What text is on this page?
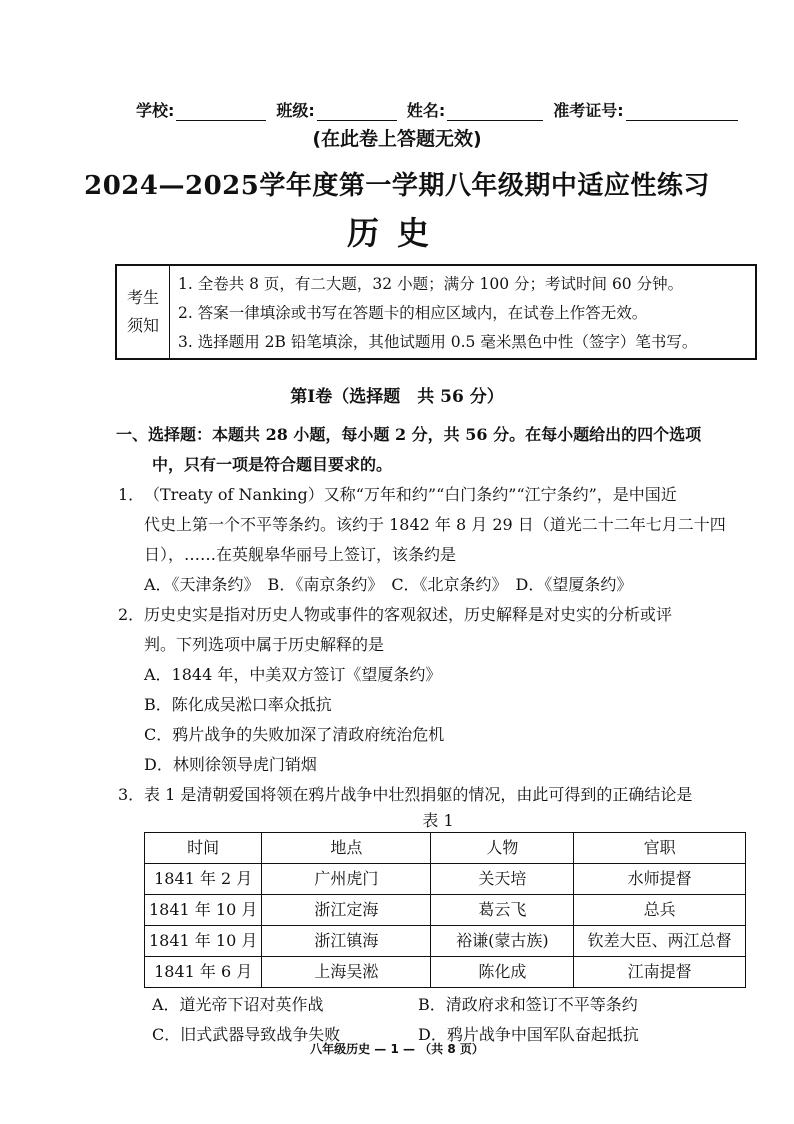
学校:	班级:	姓名:	准考证号:
(在此卷上答题无效)
2024—2025学年度第一学期八年级期中适应性练习
历史
考生
须知
1. 全卷共 8 页，有二大题，32 小题；满分 100 分；考试时间 60 分钟。
2. 答案一律填涂或书写在答题卡的相应区域内，在试卷上作答无效。
3. 选择题用 2B 铅笔填涂，其他试题用 0.5 毫米黑色中性（签字）笔书写。
第Ⅰ卷（选择题　共 56 分）
一、选择题：本题共 28 小题，每小题 2 分，共 56 分。在每小题给出的四个选项
中，只有一项是符合题目要求的。
1．（Treaty of Nanking）又称“万年和约”“白门条约”“江宁条约”，是中国近
代史上第一个不平等条约。该约于 1842 年 8 月 29 日（道光二十二年七月二十四
日），……在英舰皋华丽号上签订，该条约是
A．《天津条约》　B．《南京条约》　C．《北京条约》　D．《望厦条约》
2．历史史实是指对历史人物或事件的客观叙述，历史解释是对史实的分析或评
判。下列选项中属于历史解释的是
A．1844 年，中美双方签订《望厦条约》
B．陈化成吴淞口率众抵抗
C．鸦片战争的失败加深了清政府统治危机
D．林则徐领导虎门销烟
3．表 1 是清朝爱国将领在鸦片战争中壮烈捐躯的情况，由此可得到的正确结论是
表 1
时间	地点	人物	官职
1841 年 2 月	广州虎门	关天培	水师提督
1841 年 10 月	浙江定海	葛云飞	总兵
1841 年 10 月	浙江镇海	裕谦(蒙古族)	钦差大臣、两江总督
1841 年 6 月	上海吴淞	陈化成	江南提督
A．道光帝下诏对英作战	B．清政府求和签订不平等条约
C．旧式武器导致战争失败	D．鸦片战争中国军队奋起抵抗
八年级历史 — 1 — （共 8 页）
